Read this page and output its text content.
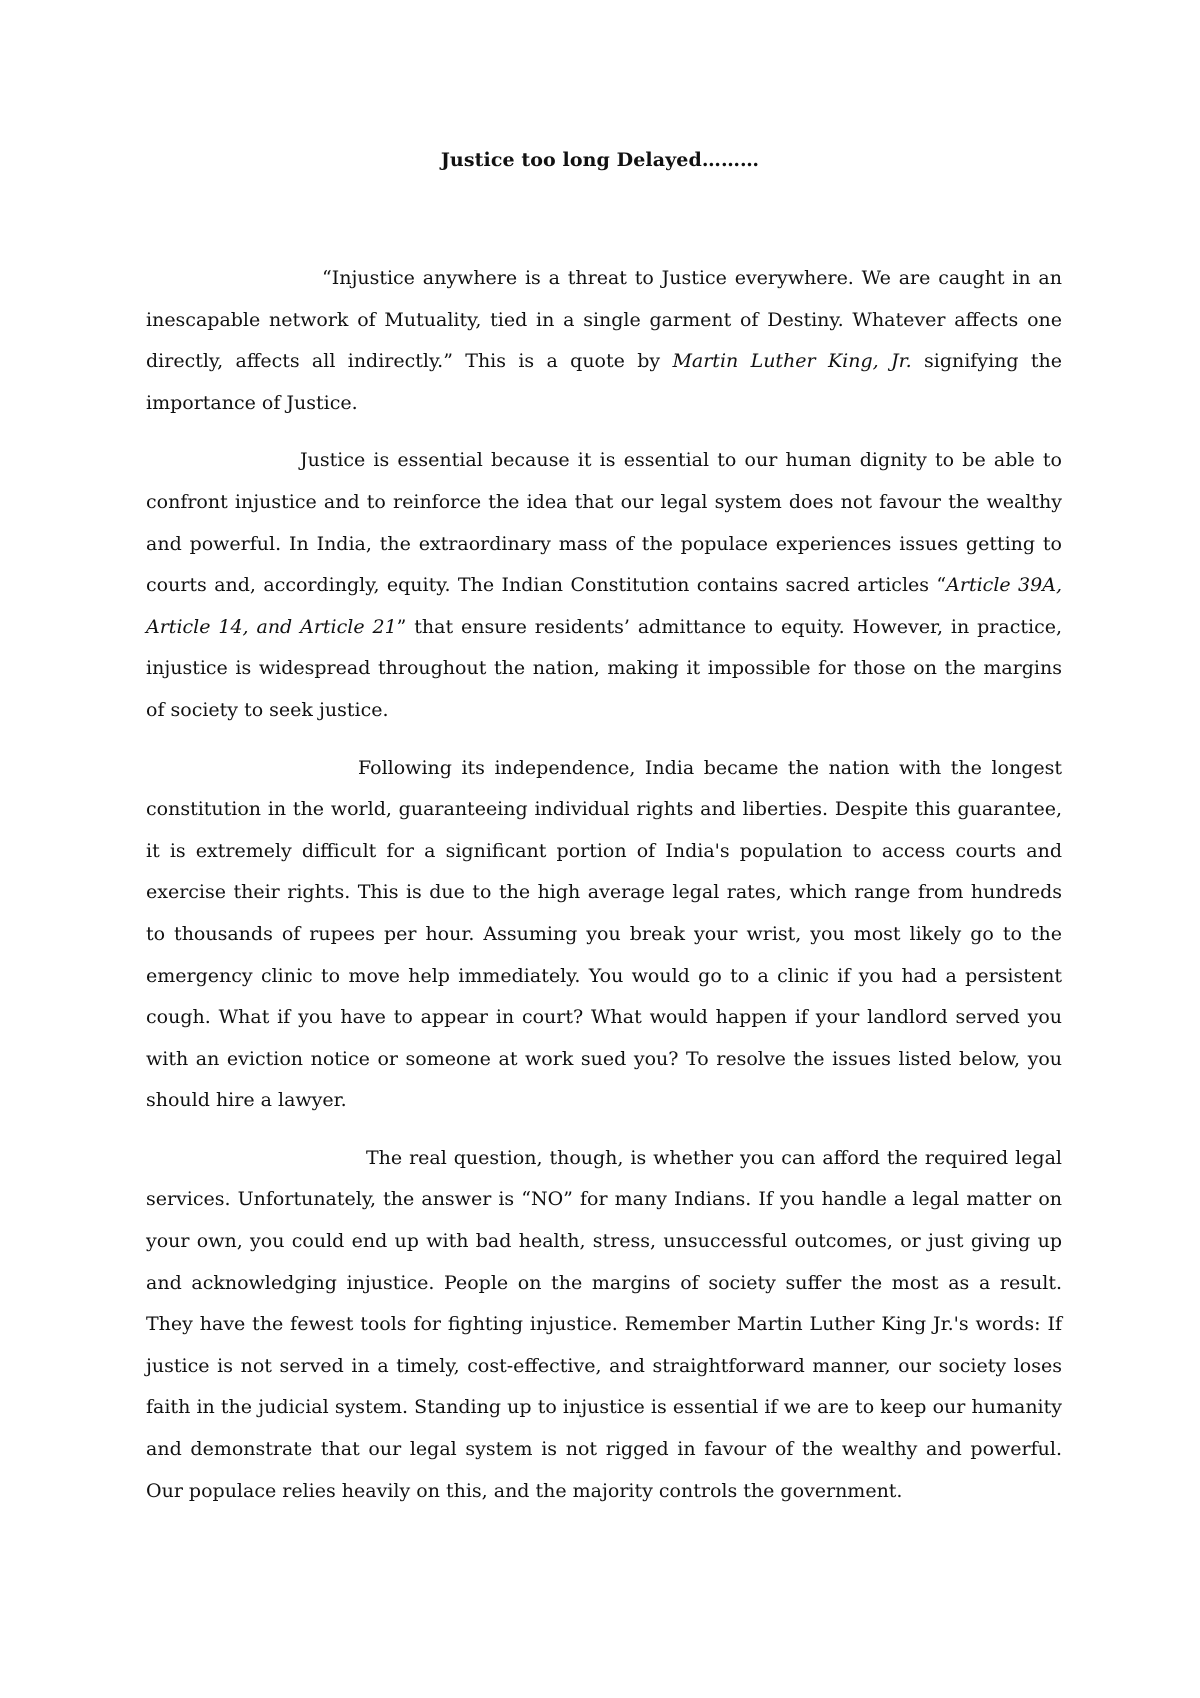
Justice too long Delayed………

“Injustice anywhere is a threat to Justice everywhere. We are caught in an inescapable network of Mutuality, tied in a single garment of Destiny. Whatever affects one directly, affects all indirectly.” This is a quote by Martin Luther King, Jr. signifying the importance of Justice.

Justice is essential because it is essential to our human dignity to be able to confront injustice and to reinforce the idea that our legal system does not favour the wealthy and powerful. In India, the extraordinary mass of the populace experiences issues getting to courts and, accordingly, equity. The Indian Constitution contains sacred articles “Article 39A, Article 14, and Article 21” that ensure residents’ admittance to equity. However, in practice, injustice is widespread throughout the nation, making it impossible for those on the margins of society to seek justice.

Following its independence, India became the nation with the longest constitution in the world, guaranteeing individual rights and liberties. Despite this guarantee, it is extremely difficult for a significant portion of India's population to access courts and exercise their rights. This is due to the high average legal rates, which range from hundreds to thousands of rupees per hour. Assuming you break your wrist, you most likely go to the emergency clinic to move help immediately. You would go to a clinic if you had a persistent cough. What if you have to appear in court? What would happen if your landlord served you with an eviction notice or someone at work sued you? To resolve the issues listed below, you should hire a lawyer.

The real question, though, is whether you can afford the required legal services. Unfortunately, the answer is “NO” for many Indians. If you handle a legal matter on your own, you could end up with bad health, stress, unsuccessful outcomes, or just giving up and acknowledging injustice. People on the margins of society suffer the most as a result. They have the fewest tools for fighting injustice. Remember Martin Luther King Jr.'s words: If justice is not served in a timely, cost-effective, and straightforward manner, our society loses faith in the judicial system. Standing up to injustice is essential if we are to keep our humanity and demonstrate that our legal system is not rigged in favour of the wealthy and powerful. Our populace relies heavily on this, and the majority controls the government.
